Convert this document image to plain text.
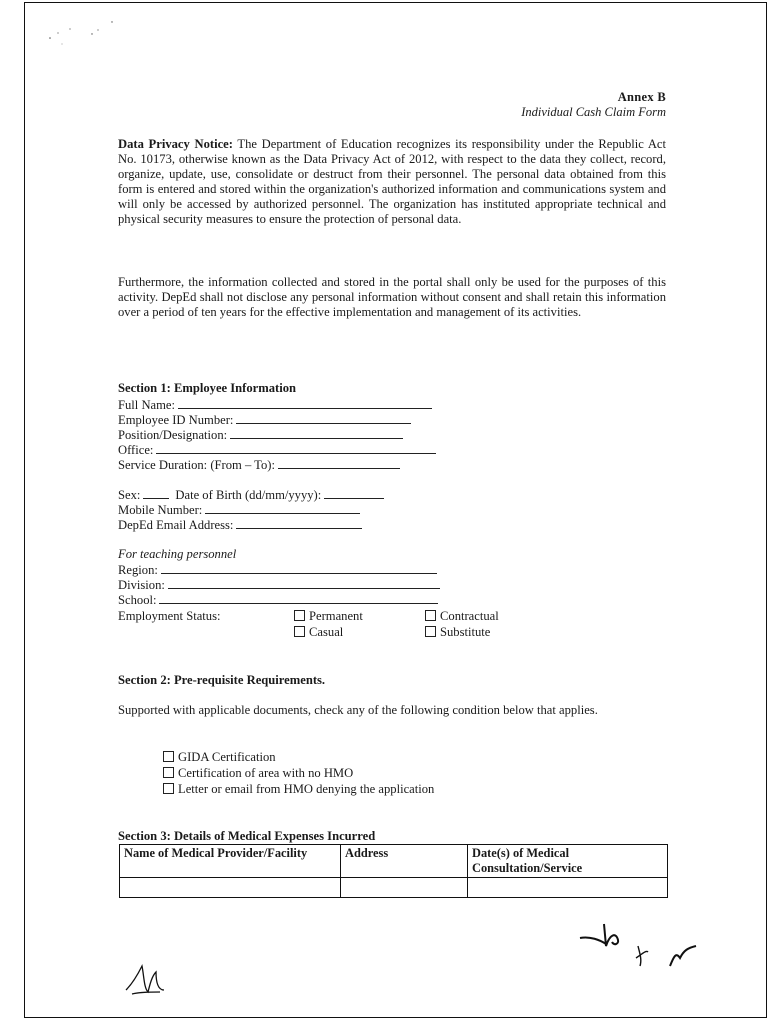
Annex B
Individual Cash Claim Form
Data Privacy Notice: The Department of Education recognizes its responsibility under the Republic Act No. 10173, otherwise known as the Data Privacy Act of 2012, with respect to the data they collect, record, organize, update, use, consolidate or destruct from their personnel. The personal data obtained from this form is entered and stored within the organization's authorized information and communications system and will only be accessed by authorized personnel. The organization has instituted appropriate technical and physical security measures to ensure the protection of personal data.
Furthermore, the information collected and stored in the portal shall only be used for the purposes of this activity. DepEd shall not disclose any personal information without consent and shall retain this information over a period of ten years for the effective implementation and management of its activities.
Section 1: Employee Information
Full Name:
Employee ID Number:
Position/Designation:
Office:
Service Duration: (From – To):
Sex:	Date of Birth (dd/mm/yyyy):
Mobile Number:
DepEd Email Address:
For teaching personnel
Region:
Division:
School:
Employment Status:	Permanent	Contractual
Casual	Substitute
Section 2: Pre-requisite Requirements.
Supported with applicable documents, check any of the following condition below that applies.
GIDA Certification
Certification of area with no HMO
Letter or email from HMO denying the application
Section 3: Details of Medical Expenses Incurred
Name of Medical Provider/Facility	Address	Date(s) of Medical Consultation/Service
